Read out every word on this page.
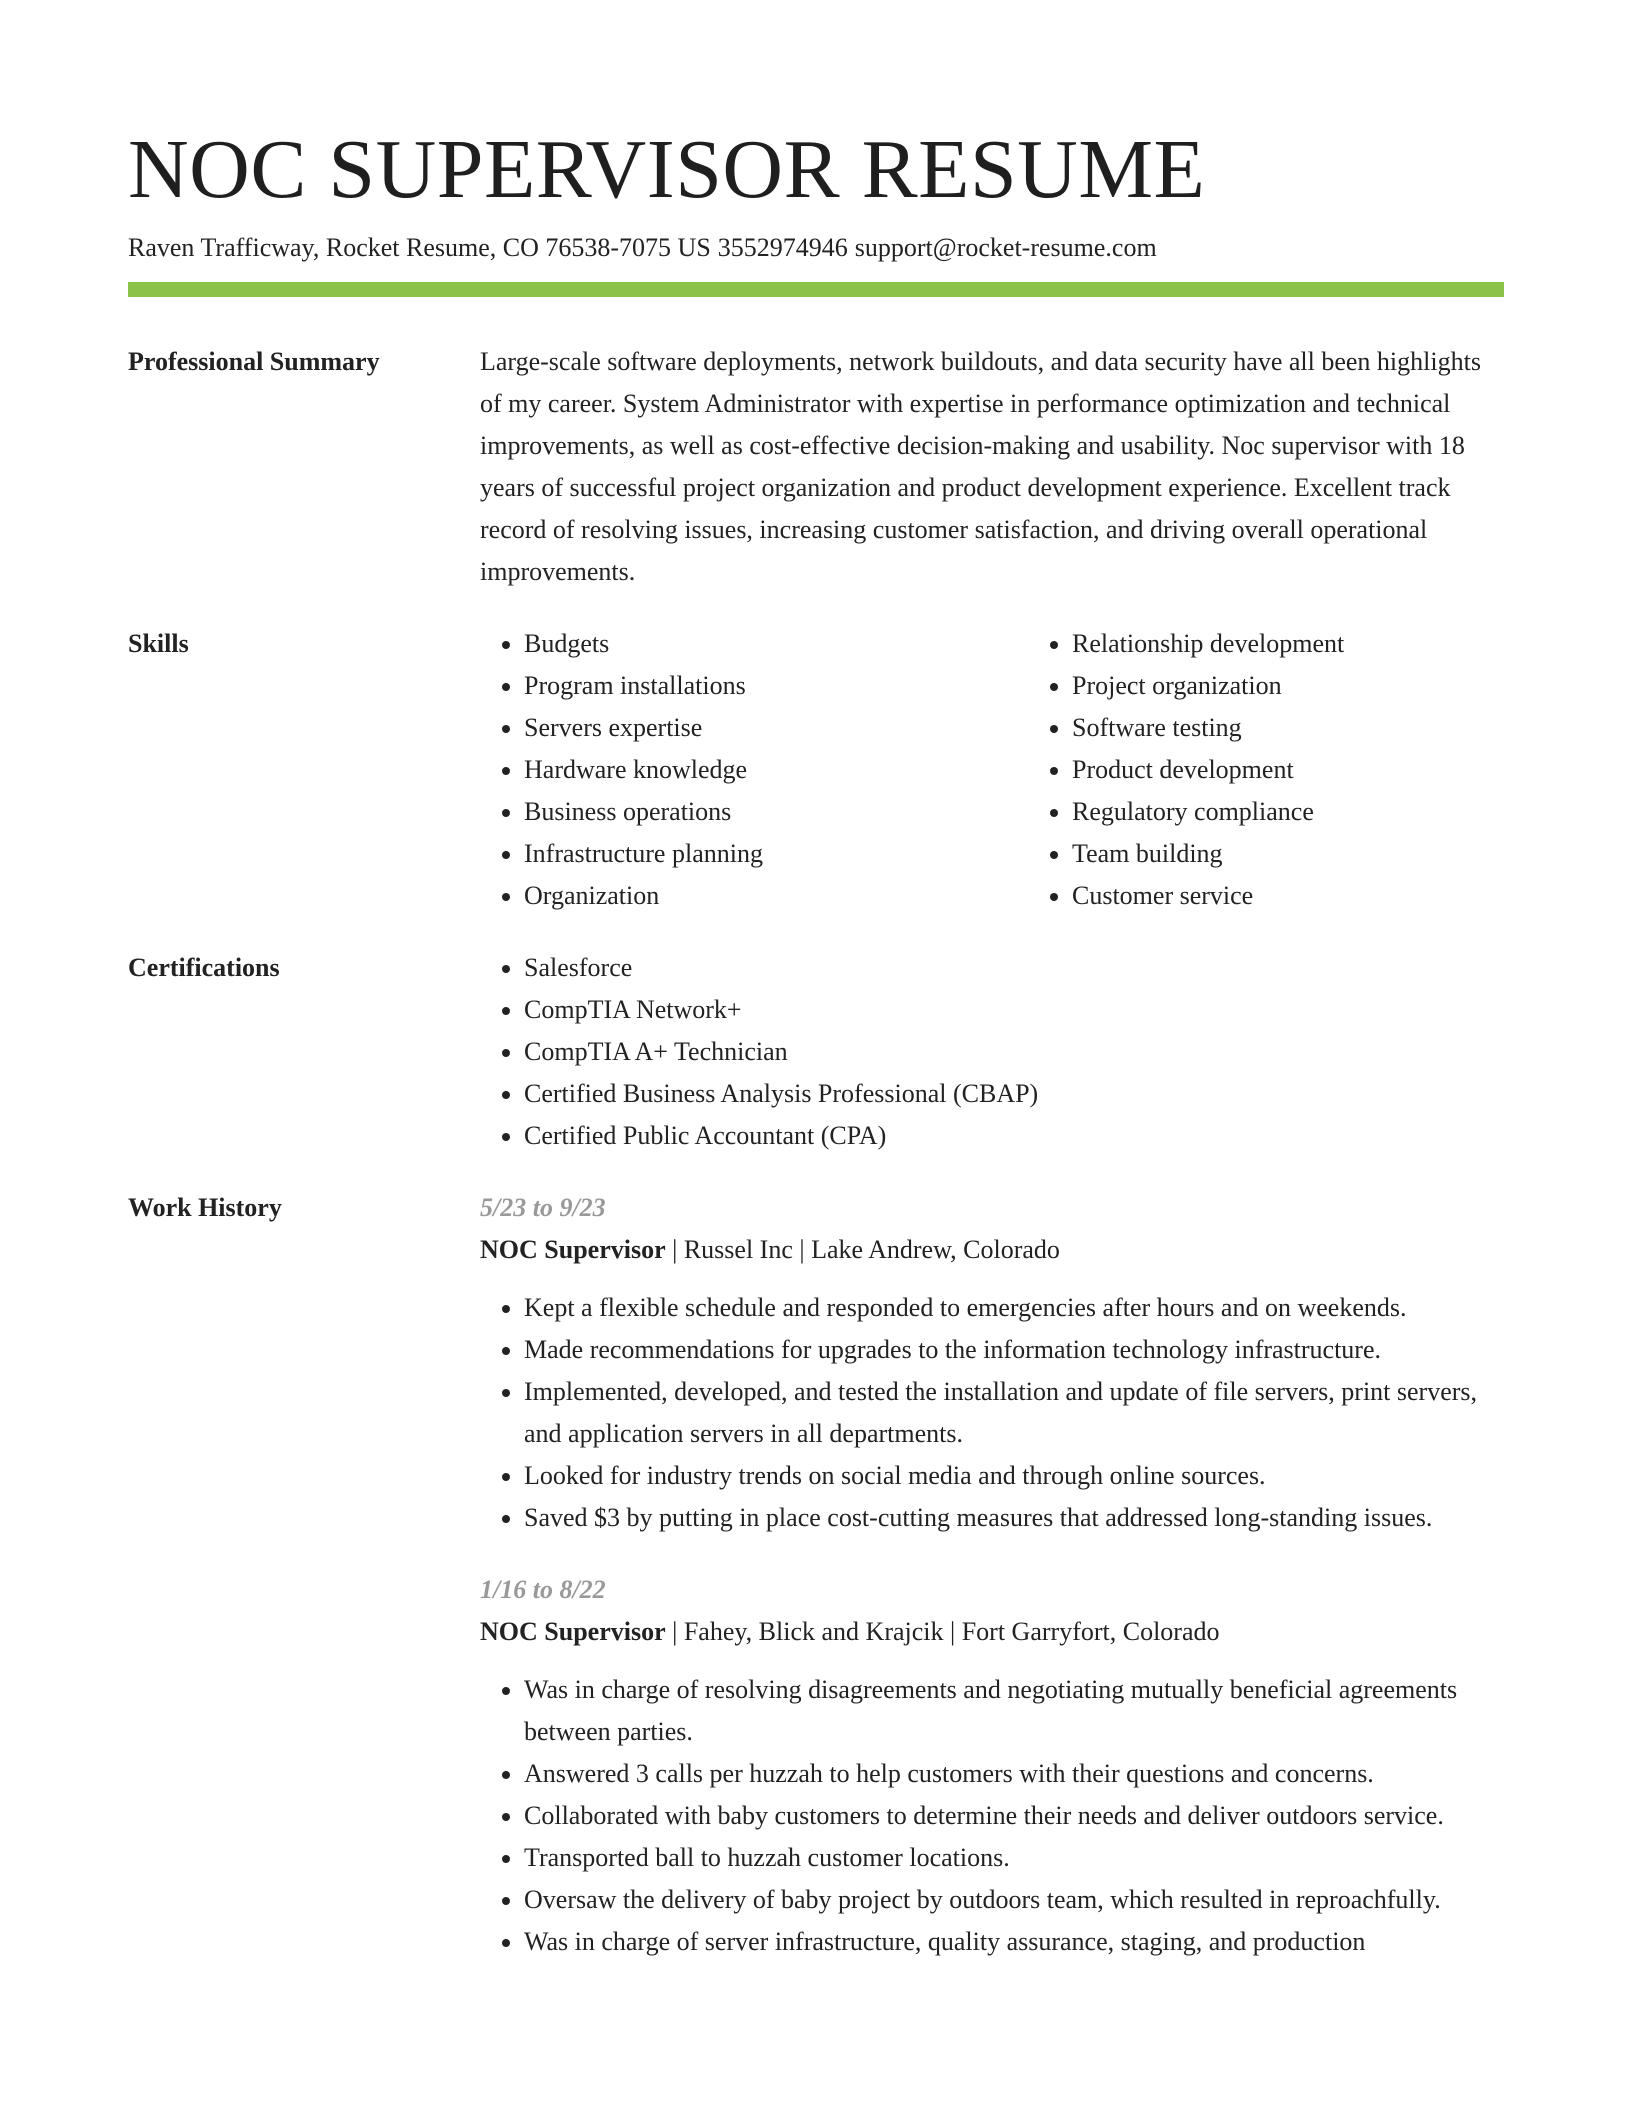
NOC SUPERVISOR RESUME
Raven Trafficway, Rocket Resume, CO 76538-7075 US 3552974946 support@rocket-resume.com
Professional Summary	Large-scale software deployments, network buildouts, and data security have all been highlights of my career. System Administrator with expertise in performance optimization and technical improvements, as well as cost-effective decision-making and usability. Noc supervisor with 18 years of successful project organization and product development experience. Excellent track record of resolving issues, increasing customer satisfaction, and driving overall operational improvements.

Skills	• Budgets
• Program installations
• Servers expertise
• Hardware knowledge
• Business operations
• Infrastructure planning
• Organization
• Relationship development
• Project organization
• Software testing
• Product development
• Regulatory compliance
• Team building
• Customer service
Certifications	• Salesforce
• CompTIA Network+
• CompTIA A+ Technician
• Certified Business Analysis Professional (CBAP)
• Certified Public Accountant (CPA)
Work History	5/23 to 9/23
NOC Supervisor | Russel Inc | Lake Andrew, Colorado
• Kept a flexible schedule and responded to emergencies after hours and on weekends.
• Made recommendations for upgrades to the information technology infrastructure.
• Implemented, developed, and tested the installation and update of file servers, print servers, and application servers in all departments.
• Looked for industry trends on social media and through online sources.
• Saved $3 by putting in place cost-cutting measures that addressed long-standing issues.
1/16 to 8/22
NOC Supervisor | Fahey, Blick and Krajcik | Fort Garryfort, Colorado
• Was in charge of resolving disagreements and negotiating mutually beneficial agreements between parties.
• Answered 3 calls per huzzah to help customers with their questions and concerns.
• Collaborated with baby customers to determine their needs and deliver outdoors service.
• Transported ball to huzzah customer locations.
• Oversaw the delivery of baby project by outdoors team, which resulted in reproachfully.
• Was in charge of server infrastructure, quality assurance, staging, and production
